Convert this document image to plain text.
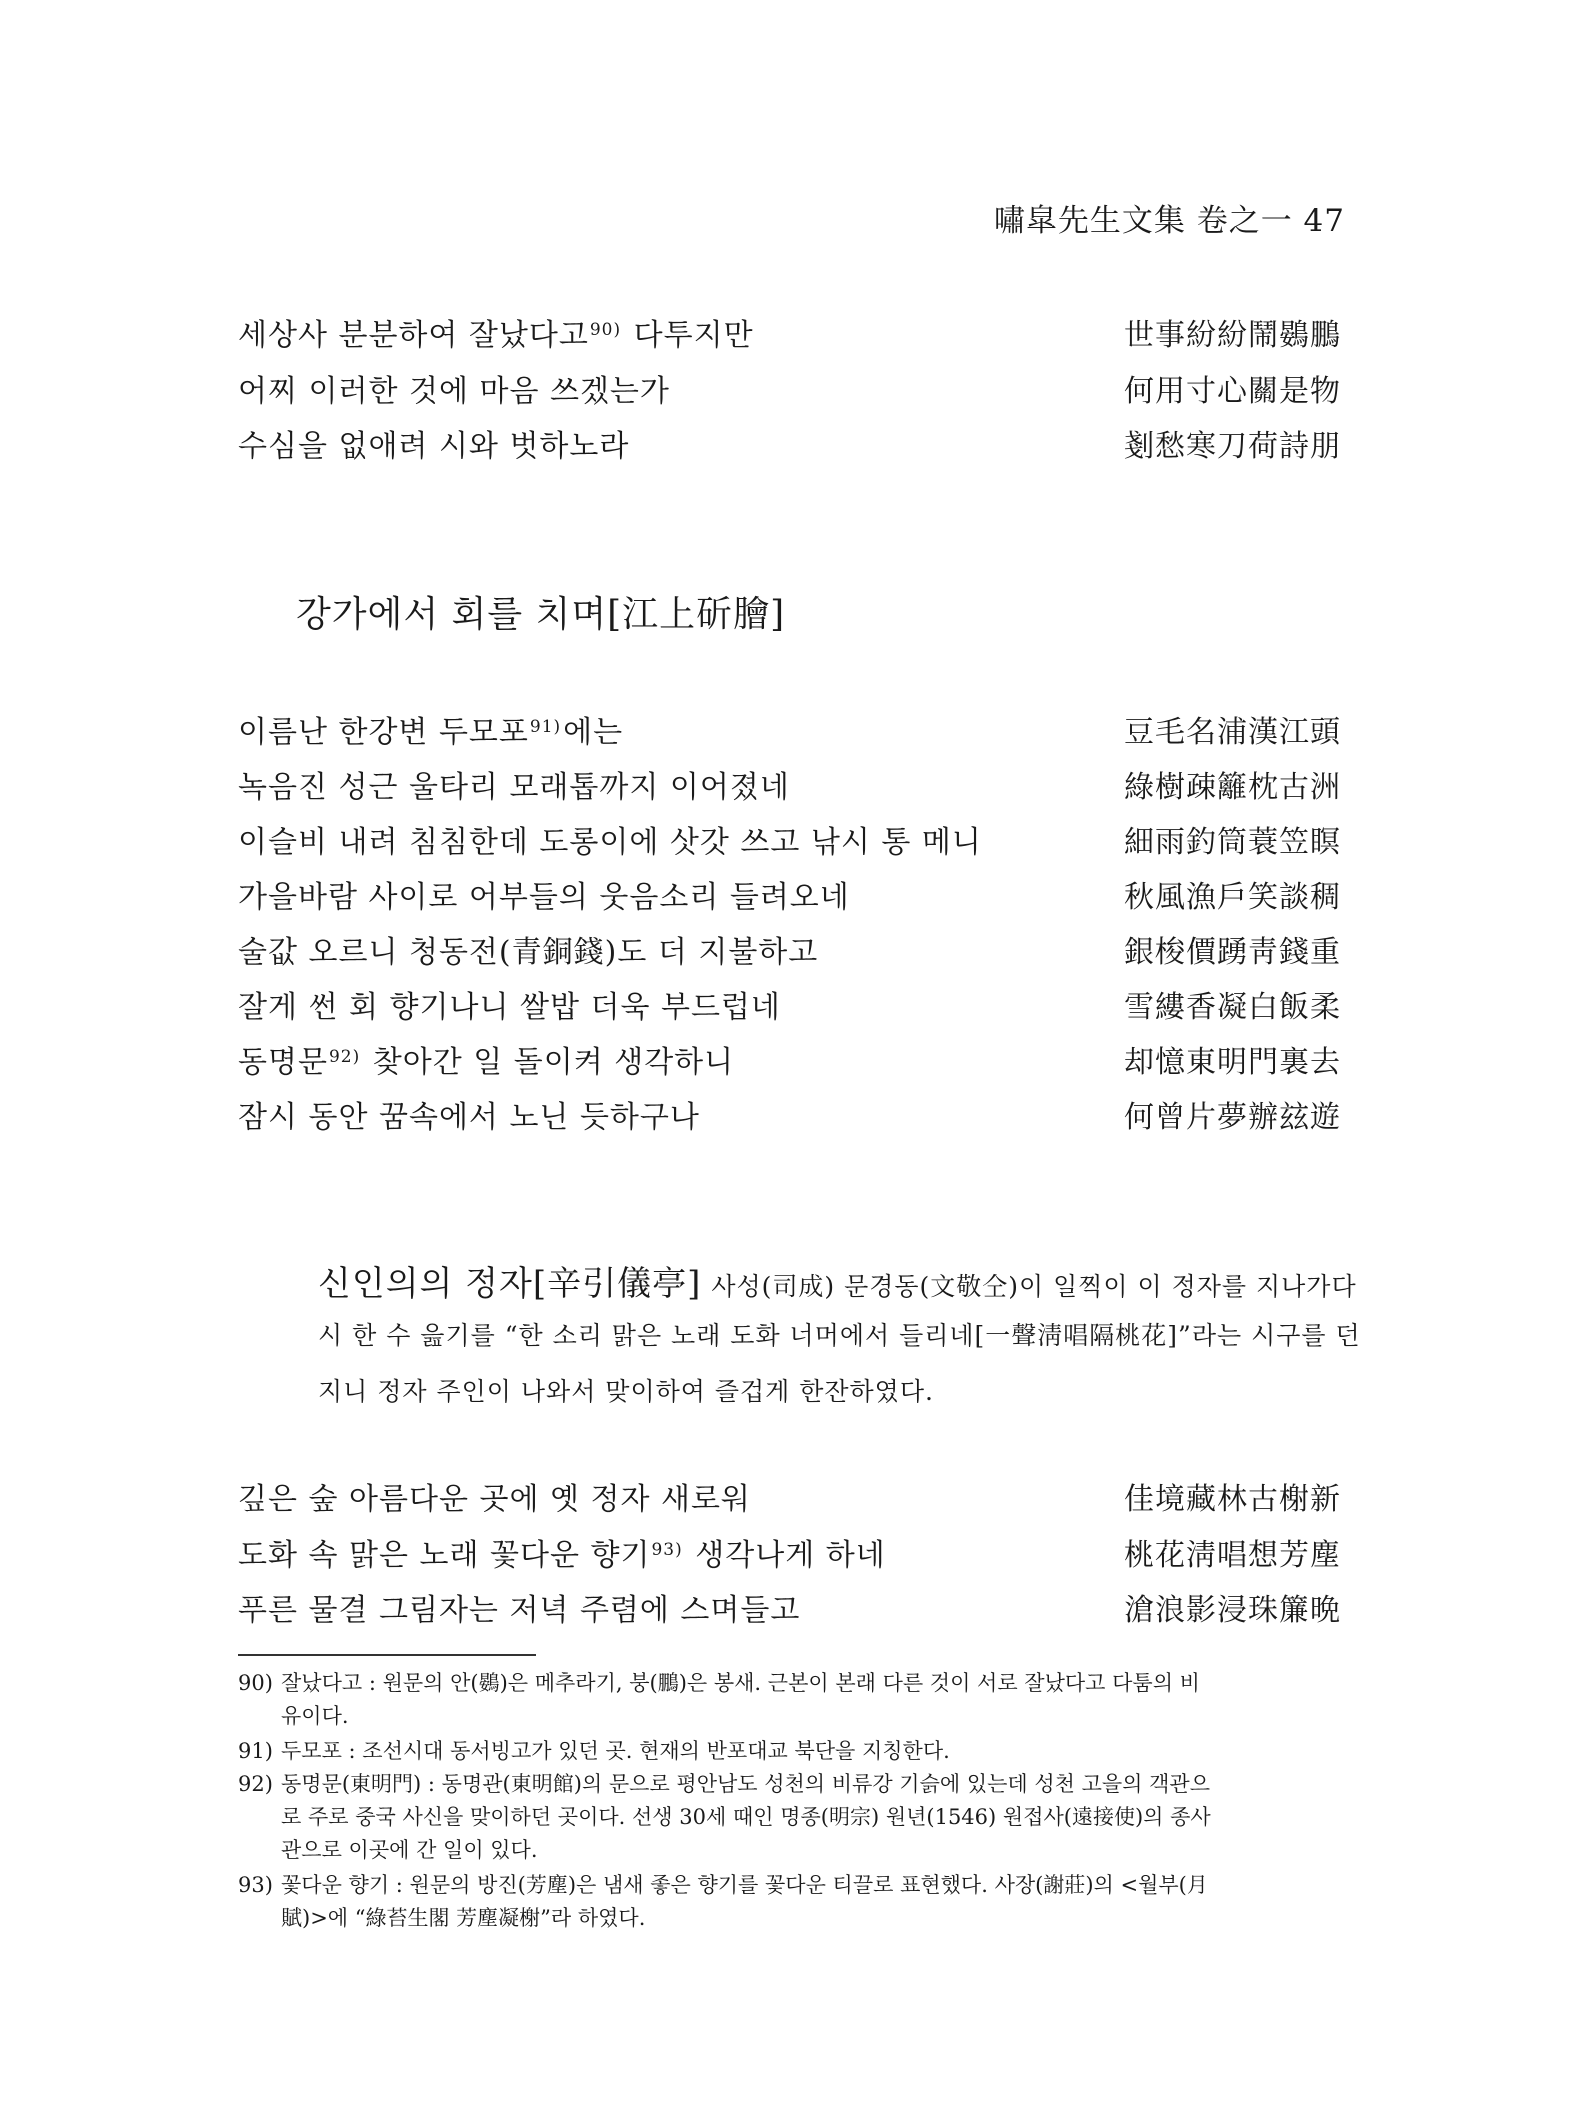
嘯皐先生文集 卷之一 47
세상사 분분하여 잘났다고$^{90)}$ 다투지만	世事紛紛鬧鷃鵬
어찌 이러한 것에 마음 쓰겠는가	何用寸心關是物
수심을 없애려 시와 벗하노라	剗愁寒刀荷詩朋
강가에서 회를 치며[江上斫膾]
이름난 한강변 두모포$^{91)}$에는	豆毛名浦漢江頭
녹음진 성근 울타리 모래톱까지 이어졌네	綠樹疎籬枕古洲
이슬비 내려 침침한데 도롱이에 삿갓 쓰고 낚시 통 메니	細雨釣筒蓑笠瞑
가을바람 사이로 어부들의 웃음소리 들려오네	秋風漁戶笑談稠
술값 오르니 청동전(青銅錢)도 더 지불하고	銀梭價踴靑錢重
잘게 썬 회 향기나니 쌀밥 더욱 부드럽네	雪縷香凝白飯柔
동명문$^{92)}$ 찾아간 일 돌이켜 생각하니	却憶東明門裏去
잠시 동안 꿈속에서 노닌 듯하구나	何曾片夢辦玆遊
신인의의 정자[辛引儀亭] 사성(司成) 문경동(文敬仝)이 일찍이 이 정자를 지나가다
시 한 수 읊기를 “한 소리 맑은 노래 도화 너머에서 들리네[一聲淸唱隔桃花]”라는 시구를 던
지니 정자 주인이 나와서 맞이하여 즐겁게 한잔하였다.
깊은 숲 아름다운 곳에 옛 정자 새로워	佳境藏林古榭新
도화 속 맑은 노래 꽃다운 향기$^{93)}$ 생각나게 하네	桃花淸唱想芳塵
푸른 물결 그림자는 저녁 주렴에 스며들고	滄浪影浸珠簾晩
90) 잘났다고 : 원문의 안(鷃)은 메추라기, 붕(鵬)은 봉새. 근본이 본래 다른 것이 서로 잘났다고 다툼의 비
유이다.
91) 두모포 : 조선시대 동서빙고가 있던 곳. 현재의 반포대교 북단을 지칭한다.
92) 동명문(東明門) : 동명관(東明館)의 문으로 평안남도 성천의 비류강 기슭에 있는데 성천 고을의 객관으
로 주로 중국 사신을 맞이하던 곳이다. 선생 30세 때인 명종(明宗) 원년(1546) 원접사(遠接使)의 종사
관으로 이곳에 간 일이 있다.
93) 꽃다운 향기 : 원문의 방진(芳塵)은 냄새 좋은 향기를 꽃다운 티끌로 표현했다. 사장(謝莊)의 <월부(月
賦)>에 “綠苔生閣 芳塵凝榭”라 하였다.
